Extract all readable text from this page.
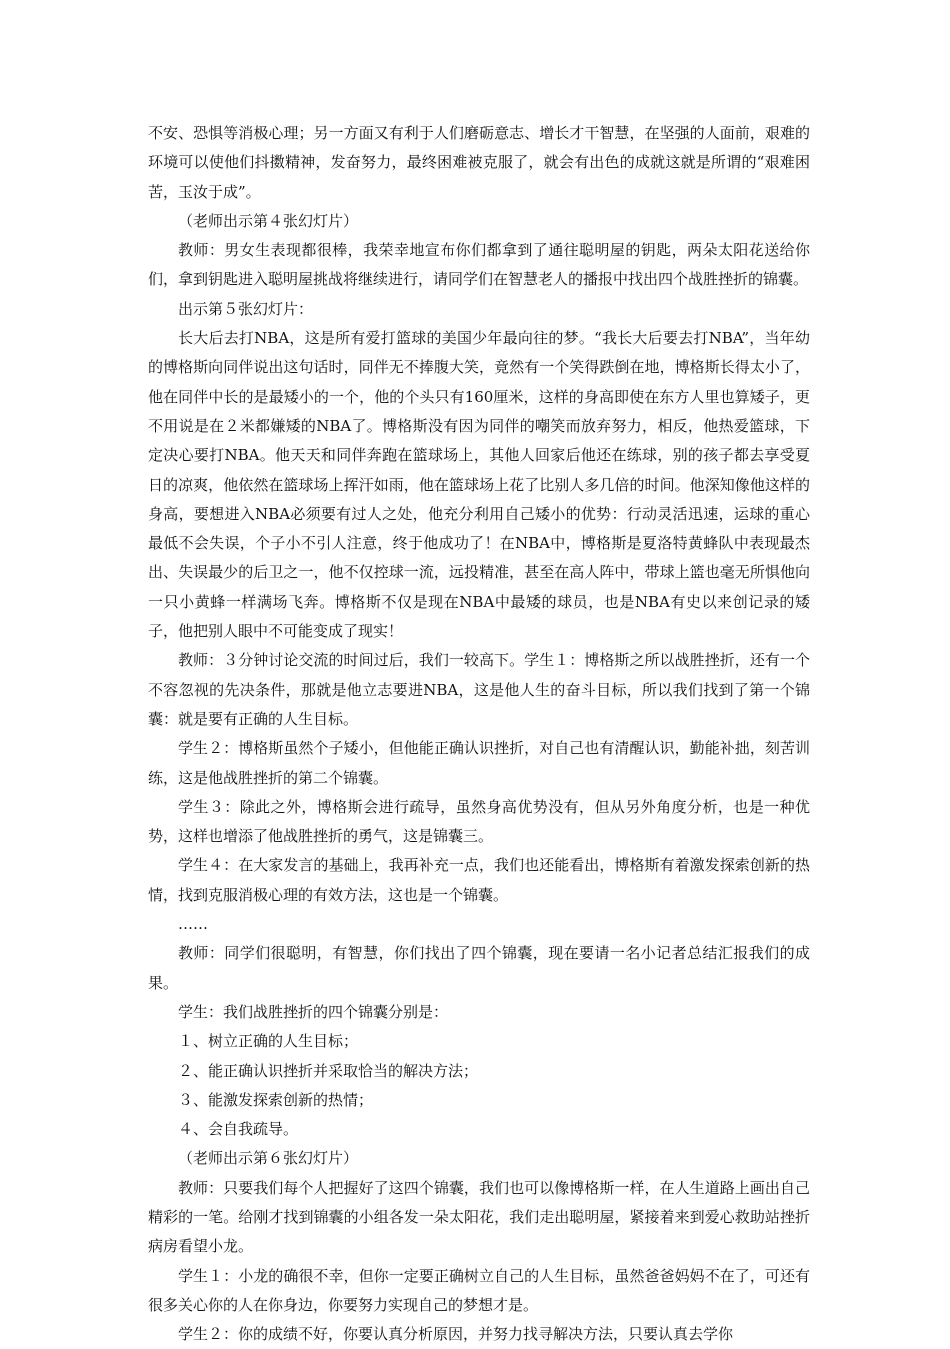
不安、恐惧等消极心理；另一方面又有利于人们磨砺意志、增长才干智慧，在坚强的人面前，艰难的环境可以使他们抖擞精神，发奋努力，最终困难被克服了，就会有出色的成就这就是所谓的“艰难困苦，玉汝于成”。

（老师出示第４张幻灯片）

教师：男女生表现都很棒，我荣幸地宣布你们都拿到了通往聪明屋的钥匙，两朵太阳花送给你们，拿到钥匙进入聪明屋挑战将继续进行，请同学们在智慧老人的播报中找出四个战胜挫折的锦囊。

出示第５张幻灯片：

长大后去打NBA，这是所有爱打篮球的美国少年最向往的梦。“我长大后要去打NBA”，当年幼的博格斯向同伴说出这句话时，同伴无不捧腹大笑，竟然有一个笑得跌倒在地，博格斯长得太小了，他在同伴中长的是最矮小的一个，他的个头只有160厘米，这样的身高即使在东方人里也算矮子，更不用说是在２米都嫌矮的NBA了。博格斯没有因为同伴的嘲笑而放弃努力，相反，他热爱篮球，下定决心要打NBA。他天天和同伴奔跑在篮球场上，其他人回家后他还在练球，别的孩子都去享受夏日的凉爽，他依然在篮球场上挥汗如雨，他在篮球场上花了比别人多几倍的时间。他深知像他这样的身高，要想进入NBA必须要有过人之处，他充分利用自己矮小的优势：行动灵活迅速，运球的重心最低不会失误，个子小不引人注意，终于他成功了！在NBA中，博格斯是夏洛特黄蜂队中表现最杰出、失误最少的后卫之一，他不仅控球一流，远投精准，甚至在高人阵中，带球上篮也毫无所惧他向一只小黄蜂一样满场飞奔。博格斯不仅是现在NBA中最矮的球员，也是NBA有史以来创记录的矮子，他把别人眼中不可能变成了现实！

教师：３分钟讨论交流的时间过后，我们一较高下。学生１：博格斯之所以战胜挫折，还有一个不容忽视的先决条件，那就是他立志要进NBA，这是他人生的奋斗目标，所以我们找到了第一个锦囊：就是要有正确的人生目标。

学生２：博格斯虽然个子矮小，但他能正确认识挫折，对自己也有清醒认识，勤能补拙，刻苦训练，这是他战胜挫折的第二个锦囊。

学生３：除此之外，博格斯会进行疏导，虽然身高优势没有，但从另外角度分析，也是一种优势，这样也增添了他战胜挫折的勇气，这是锦囊三。

学生４：在大家发言的基础上，我再补充一点，我们也还能看出，博格斯有着激发探索创新的热情，找到克服消极心理的有效方法，这也是一个锦囊。

……

教师：同学们很聪明，有智慧，你们找出了四个锦囊，现在要请一名小记者总结汇报我们的成果。

学生：我们战胜挫折的四个锦囊分别是：

１、树立正确的人生目标；

２、能正确认识挫折并采取恰当的解决方法；

３、能激发探索创新的热情；

４、会自我疏导。

（老师出示第６张幻灯片）

教师：只要我们每个人把握好了这四个锦囊，我们也可以像博格斯一样，在人生道路上画出自己精彩的一笔。给刚才找到锦囊的小组各发一朵太阳花，我们走出聪明屋，紧接着来到爱心救助站挫折病房看望小龙。

学生１：小龙的确很不幸，但你一定要正确树立自己的人生目标，虽然爸爸妈妈不在了，可还有很多关心你的人在你身边，你要努力实现自己的梦想才是。

学生２：你的成绩不好，你要认真分析原因，并努力找寻解决方法，只要认真去学你
